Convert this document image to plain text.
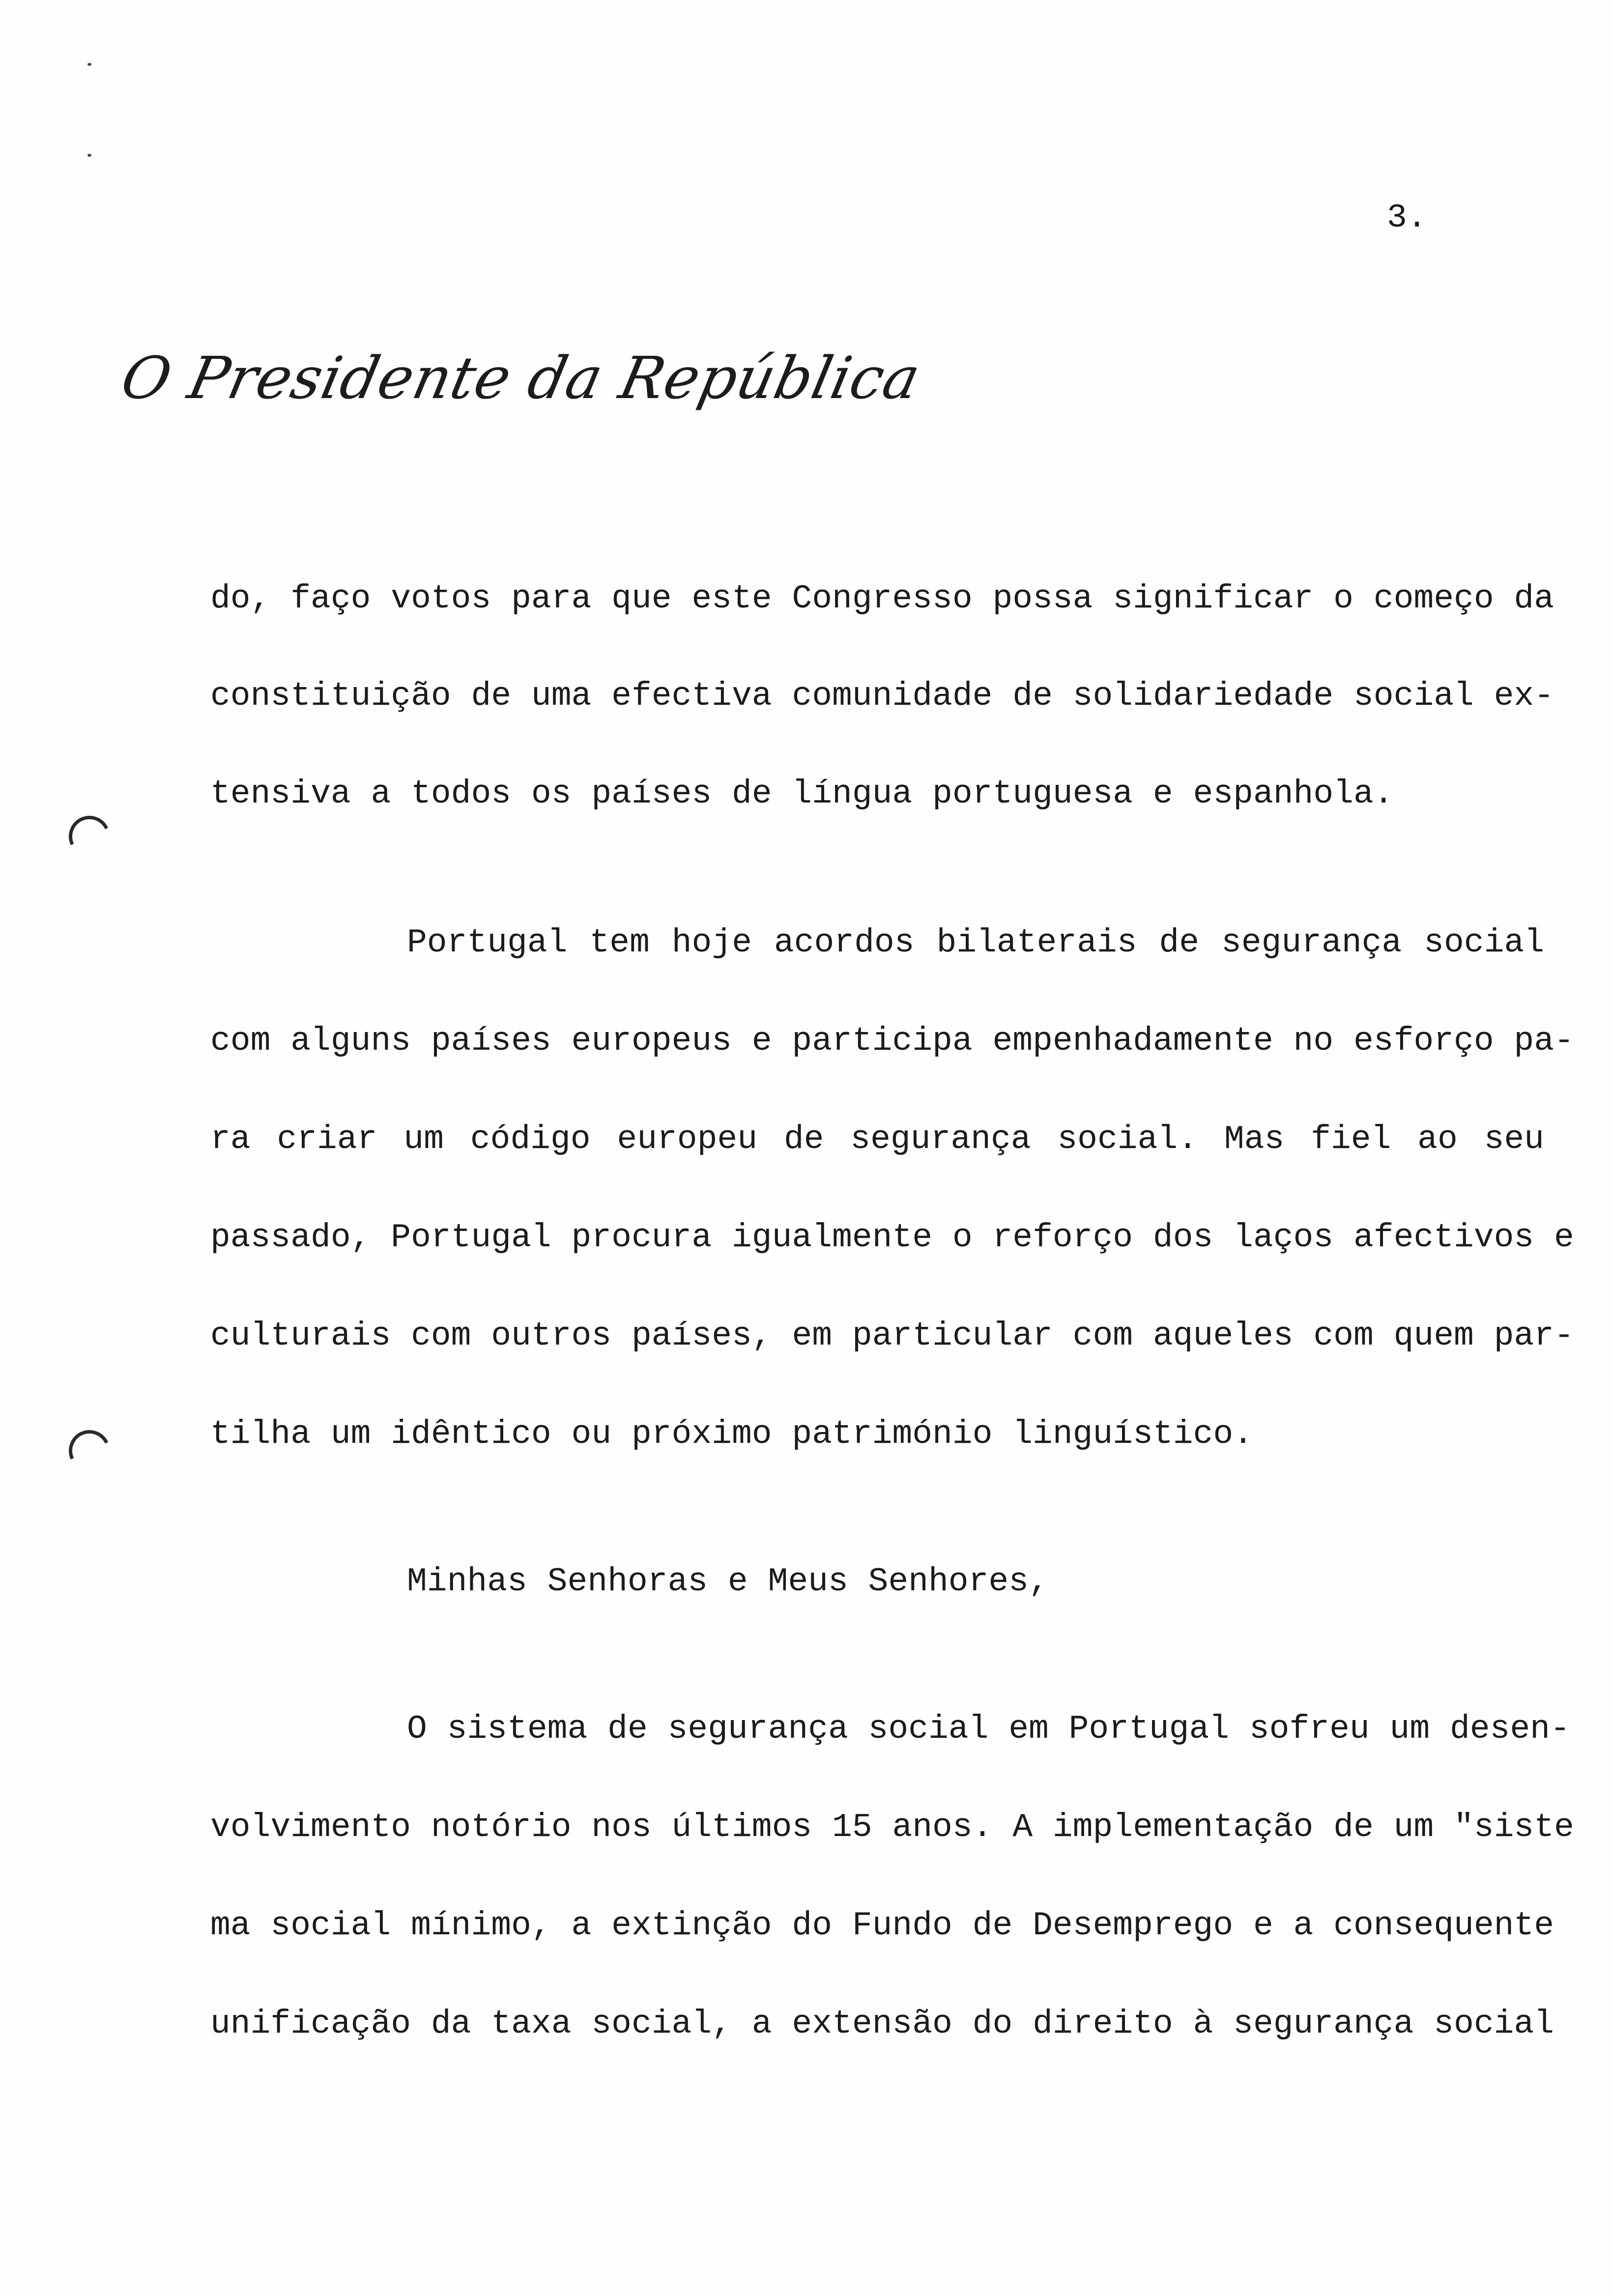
3.
O Presidente da República
do, faço votos para que este Congresso possa significar o começo da
constituição de uma efectiva comunidade de solidariedade social ex-
tensiva a todos os países de língua portuguesa e espanhola.
Portugal tem hoje acordos bilaterais de segurança social
com alguns países europeus e participa empenhadamente no esforço pa-
ra criar um código europeu de segurança social. Mas fiel ao seu
passado, Portugal procura igualmente o reforço dos laços afectivos e
culturais com outros países, em particular com aqueles com quem par-
tilha um idêntico ou próximo património linguístico.
Minhas Senhoras e Meus Senhores,
O sistema de segurança social em Portugal sofreu um desen-
volvimento notório nos últimos 15 anos. A implementação de um "siste
ma social mínimo, a extinção do Fundo de Desemprego e a consequente
unificação da taxa social, a extensão do direito à segurança social
